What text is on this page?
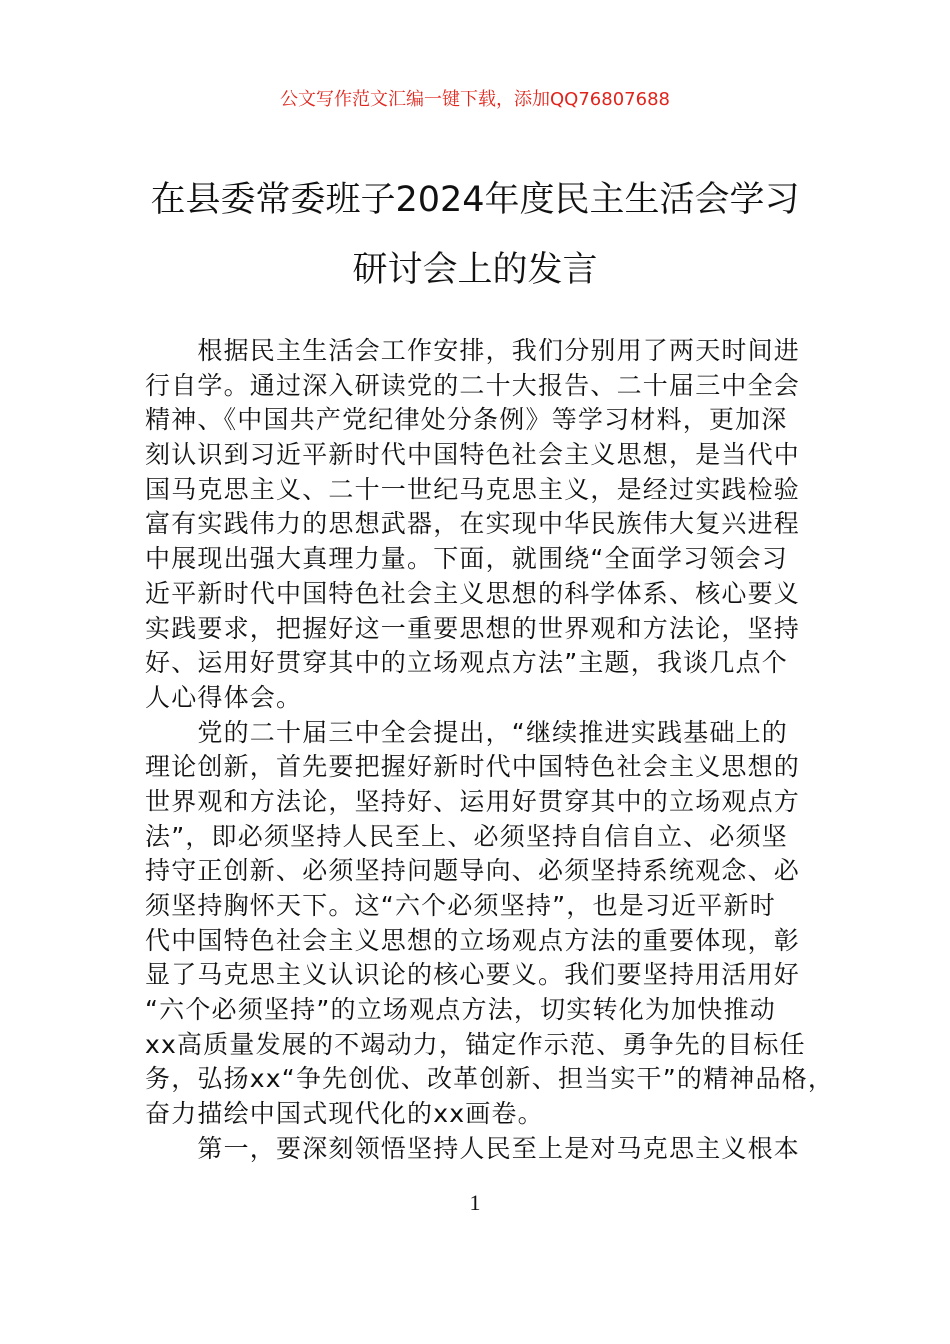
公文写作范文汇编一键下载，添加QQ76807688
在县委常委班子2024年度民主生活会学习
研讨会上的发言
　　根据民主生活会工作安排，我们分别用了两天时间进
行自学。通过深入研读党的二十大报告、二十届三中全会
精神、《中国共产党纪律处分条例》等学习材料，更加深
刻认识到习近平新时代中国特色社会主义思想，是当代中
国马克思主义、二十一世纪马克思主义，是经过实践检验
富有实践伟力的思想武器，在实现中华民族伟大复兴进程
中展现出强大真理力量。下面，就围绕“全面学习领会习
近平新时代中国特色社会主义思想的科学体系、核心要义
实践要求，把握好这一重要思想的世界观和方法论，坚持
好、运用好贯穿其中的立场观点方法”主题，我谈几点个
人心得体会。
　　党的二十届三中全会提出，“继续推进实践基础上的
理论创新，首先要把握好新时代中国特色社会主义思想的
世界观和方法论，坚持好、运用好贯穿其中的立场观点方
法”，即必须坚持人民至上、必须坚持自信自立、必须坚
持守正创新、必须坚持问题导向、必须坚持系统观念、必
须坚持胸怀天下。这“六个必须坚持”，也是习近平新时
代中国特色社会主义思想的立场观点方法的重要体现，彰
显了马克思主义认识论的核心要义。我们要坚持用活用好
“六个必须坚持”的立场观点方法，切实转化为加快推动
xx高质量发展的不竭动力，锚定作示范、勇争先的目标任
务，弘扬xx“争先创优、改革创新、担当实干”的精神品格，
奋力描绘中国式现代化的xx画卷。
　　第一，要深刻领悟坚持人民至上是对马克思主义根本
1
